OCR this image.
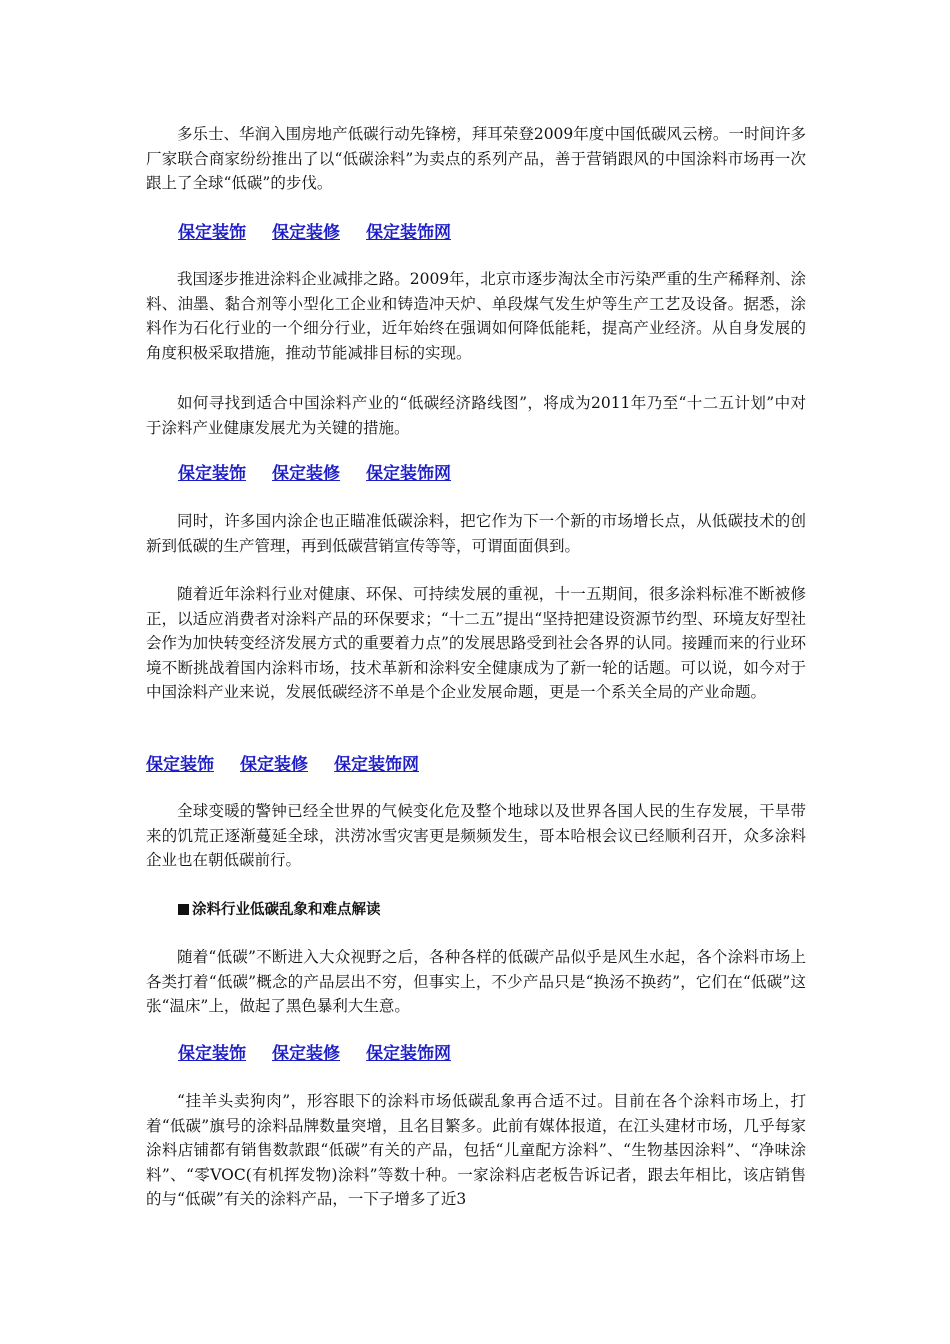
多乐士、华润入围房地产低碳行动先锋榜，拜耳荣登2009年度中国低碳风云榜。一时间许多厂家联合商家纷纷推出了以“低碳涂料”为卖点的系列产品，善于营销跟风的中国涂料市场再一次跟上了全球“低碳”的步伐。

保定装饰 保定装修 保定装饰网

我国逐步推进涂料企业减排之路。2009年，北京市逐步淘汰全市污染严重的生产稀释剂、涂料、油墨、黏合剂等小型化工企业和铸造冲天炉、单段煤气发生炉等生产工艺及设备。据悉，涂料作为石化行业的一个细分行业，近年始终在强调如何降低能耗，提高产业经济。从自身发展的角度积极采取措施，推动节能减排目标的实现。

如何寻找到适合中国涂料产业的“低碳经济路线图”，将成为2011年乃至“十二五计划”中对于涂料产业健康发展尤为关键的措施。

保定装饰 保定装修 保定装饰网

同时，许多国内涂企也正瞄准低碳涂料，把它作为下一个新的市场增长点，从低碳技术的创新到低碳的生产管理，再到低碳营销宣传等等，可谓面面俱到。

随着近年涂料行业对健康、环保、可持续发展的重视，十一五期间，很多涂料标准不断被修正，以适应消费者对涂料产品的环保要求；“十二五”提出“坚持把建设资源节约型、环境友好型社会作为加快转变经济发展方式的重要着力点”的发展思路受到社会各界的认同。接踵而来的行业环境不断挑战着国内涂料市场，技术革新和涂料安全健康成为了新一轮的话题。可以说，如今对于中国涂料产业来说，发展低碳经济不单是个企业发展命题，更是一个系关全局的产业命题。

保定装饰 保定装修 保定装饰网

全球变暖的警钟已经全世界的气候变化危及整个地球以及世界各国人民的生存发展，干旱带来的饥荒正逐渐蔓延全球，洪涝冰雪灾害更是频频发生，哥本哈根会议已经顺利召开，众多涂料企业也在朝低碳前行。

涂料行业低碳乱象和难点解读

随着“低碳”不断进入大众视野之后，各种各样的低碳产品似乎是风生水起，各个涂料市场上各类打着“低碳”概念的产品层出不穷，但事实上，不少产品只是“换汤不换药”，它们在“低碳”这张“温床”上，做起了黑色暴利大生意。

保定装饰 保定装修 保定装饰网

“挂羊头卖狗肉”，形容眼下的涂料市场低碳乱象再合适不过。目前在各个涂料市场上，打着“低碳”旗号的涂料品牌数量突增，且名目繁多。此前有媒体报道，在江头建材市场，几乎每家涂料店铺都有销售数款跟“低碳”有关的产品，包括“儿童配方涂料”、“生物基因涂料”、“净味涂料”、“零VOC(有机挥发物)涂料”等数十种。一家涂料店老板告诉记者，跟去年相比，该店销售的与“低碳”有关的涂料产品，一下子增多了近3
